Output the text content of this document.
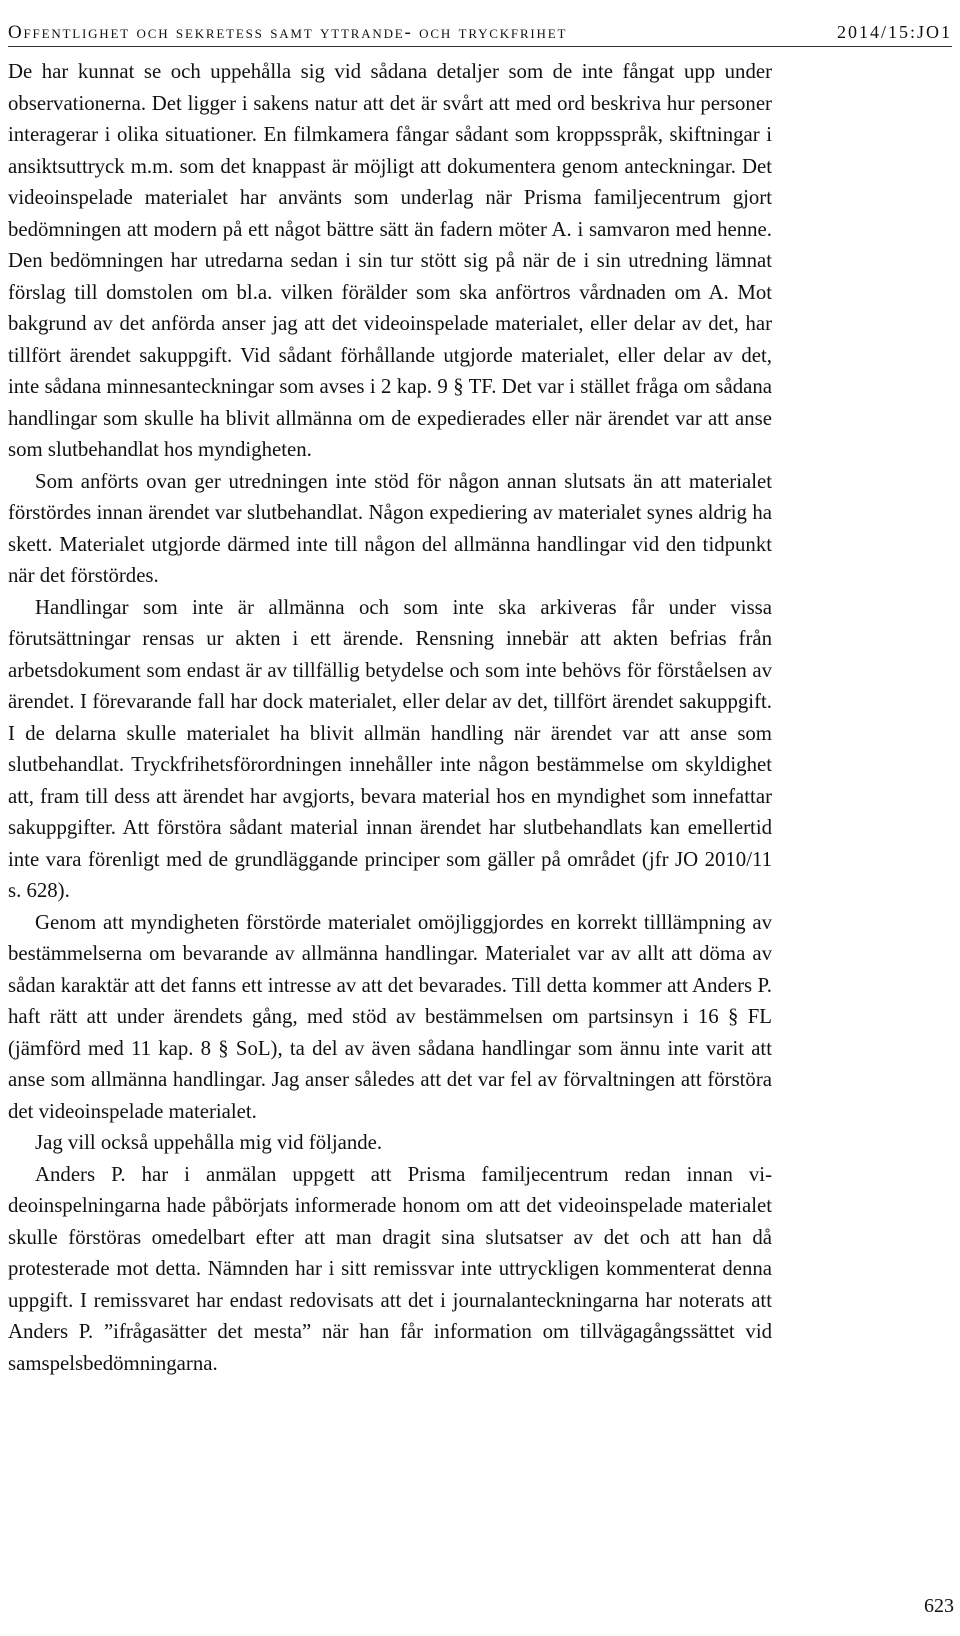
Offentlighet och sekretess samt yttrande- och tryckfrihet	2014/15:JO1

De har kunnat se och uppehålla sig vid sådana detaljer som de inte fångat upp under observationerna. Det ligger i sakens natur att det är svårt att med ord beskriva hur personer interagerar i olika situationer. En filmkamera fångar sådant som kroppsspråk, skiftningar i ansiktsuttryck m.m. som det knappast är möjligt att dokumentera genom anteckningar. Det videoinspelade materialet har använts som underlag när Prisma familjecentrum gjort bedömningen att modern på ett något bättre sätt än fadern möter A. i samvaron med henne. Den bedömningen har utredarna sedan i sin tur stött sig på när de i sin utredning lämnat förslag till domstolen om bl.a. vilken förälder som ska anförtros vårdnaden om A. Mot bakgrund av det anförda anser jag att det videoinspelade materialet, eller delar av det, har tillfört ärendet sakuppgift. Vid sådant förhållande utgjorde materialet, eller delar av det, inte sådana minnesanteckningar som avses i 2 kap. 9 § TF. Det var i stället fråga om sådana handlingar som skulle ha blivit allmänna om de expedierades eller när ärendet var att anse som slutbehandlat hos myndigheten.

Som anförts ovan ger utredningen inte stöd för någon annan slutsats än att materialet förstördes innan ärendet var slutbehandlat. Någon expediering av materialet synes aldrig ha skett. Materialet utgjorde därmed inte till någon del allmänna handlingar vid den tidpunkt när det förstördes.

Handlingar som inte är allmänna och som inte ska arkiveras får under vissa förutsättningar rensas ur akten i ett ärende. Rensning innebär att akten befrias från arbetsdokument som endast är av tillfällig betydelse och som inte behövs för förståelsen av ärendet. I förevarande fall har dock materialet, eller delar av det, tillfört ärendet sakuppgift. I de delarna skulle materialet ha blivit allmän handling när ärendet var att anse som slutbehandlat. Tryckfrihetsförordningen innehåller inte någon bestämmelse om skyldighet att, fram till dess att ärendet har avgjorts, bevara material hos en myndighet som innefattar sakuppgifter. Att förstöra sådant material innan ärendet har slutbehandlats kan emellertid inte vara förenligt med de grundläggande principer som gäller på området (jfr JO 2010/11 s. 628).

Genom att myndigheten förstörde materialet omöjliggjordes en korrekt tilllämpning av bestämmelserna om bevarande av allmänna handlingar. Materialet var av allt att döma av sådan karaktär att det fanns ett intresse av att det bevarades. Till detta kommer att Anders P. haft rätt att under ärendets gång, med stöd av bestämmelsen om partsinsyn i 16 § FL (jämförd med 11 kap. 8 § SoL), ta del av även sådana handlingar som ännu inte varit att anse som allmänna handlingar. Jag anser således att det var fel av förvaltningen att förstöra det videoinspelade materialet.

Jag vill också uppehålla mig vid följande.

Anders P. har i anmälan uppgett att Prisma familjecentrum redan innan videoinspelningarna hade påbörjats informerade honom om att det videoinspelade materialet skulle förstöras omedelbart efter att man dragit sina slutsatser av det och att han då protesterade mot detta. Nämnden har i sitt remissvar inte uttryckligen kommenterat denna uppgift. I remissvaret har endast redovisats att det i journalanteckningarna har noterats att Anders P. ”ifrågasätter det mesta” när han får information om tillvägagångssättet vid samspelsbedömningarna.

623
